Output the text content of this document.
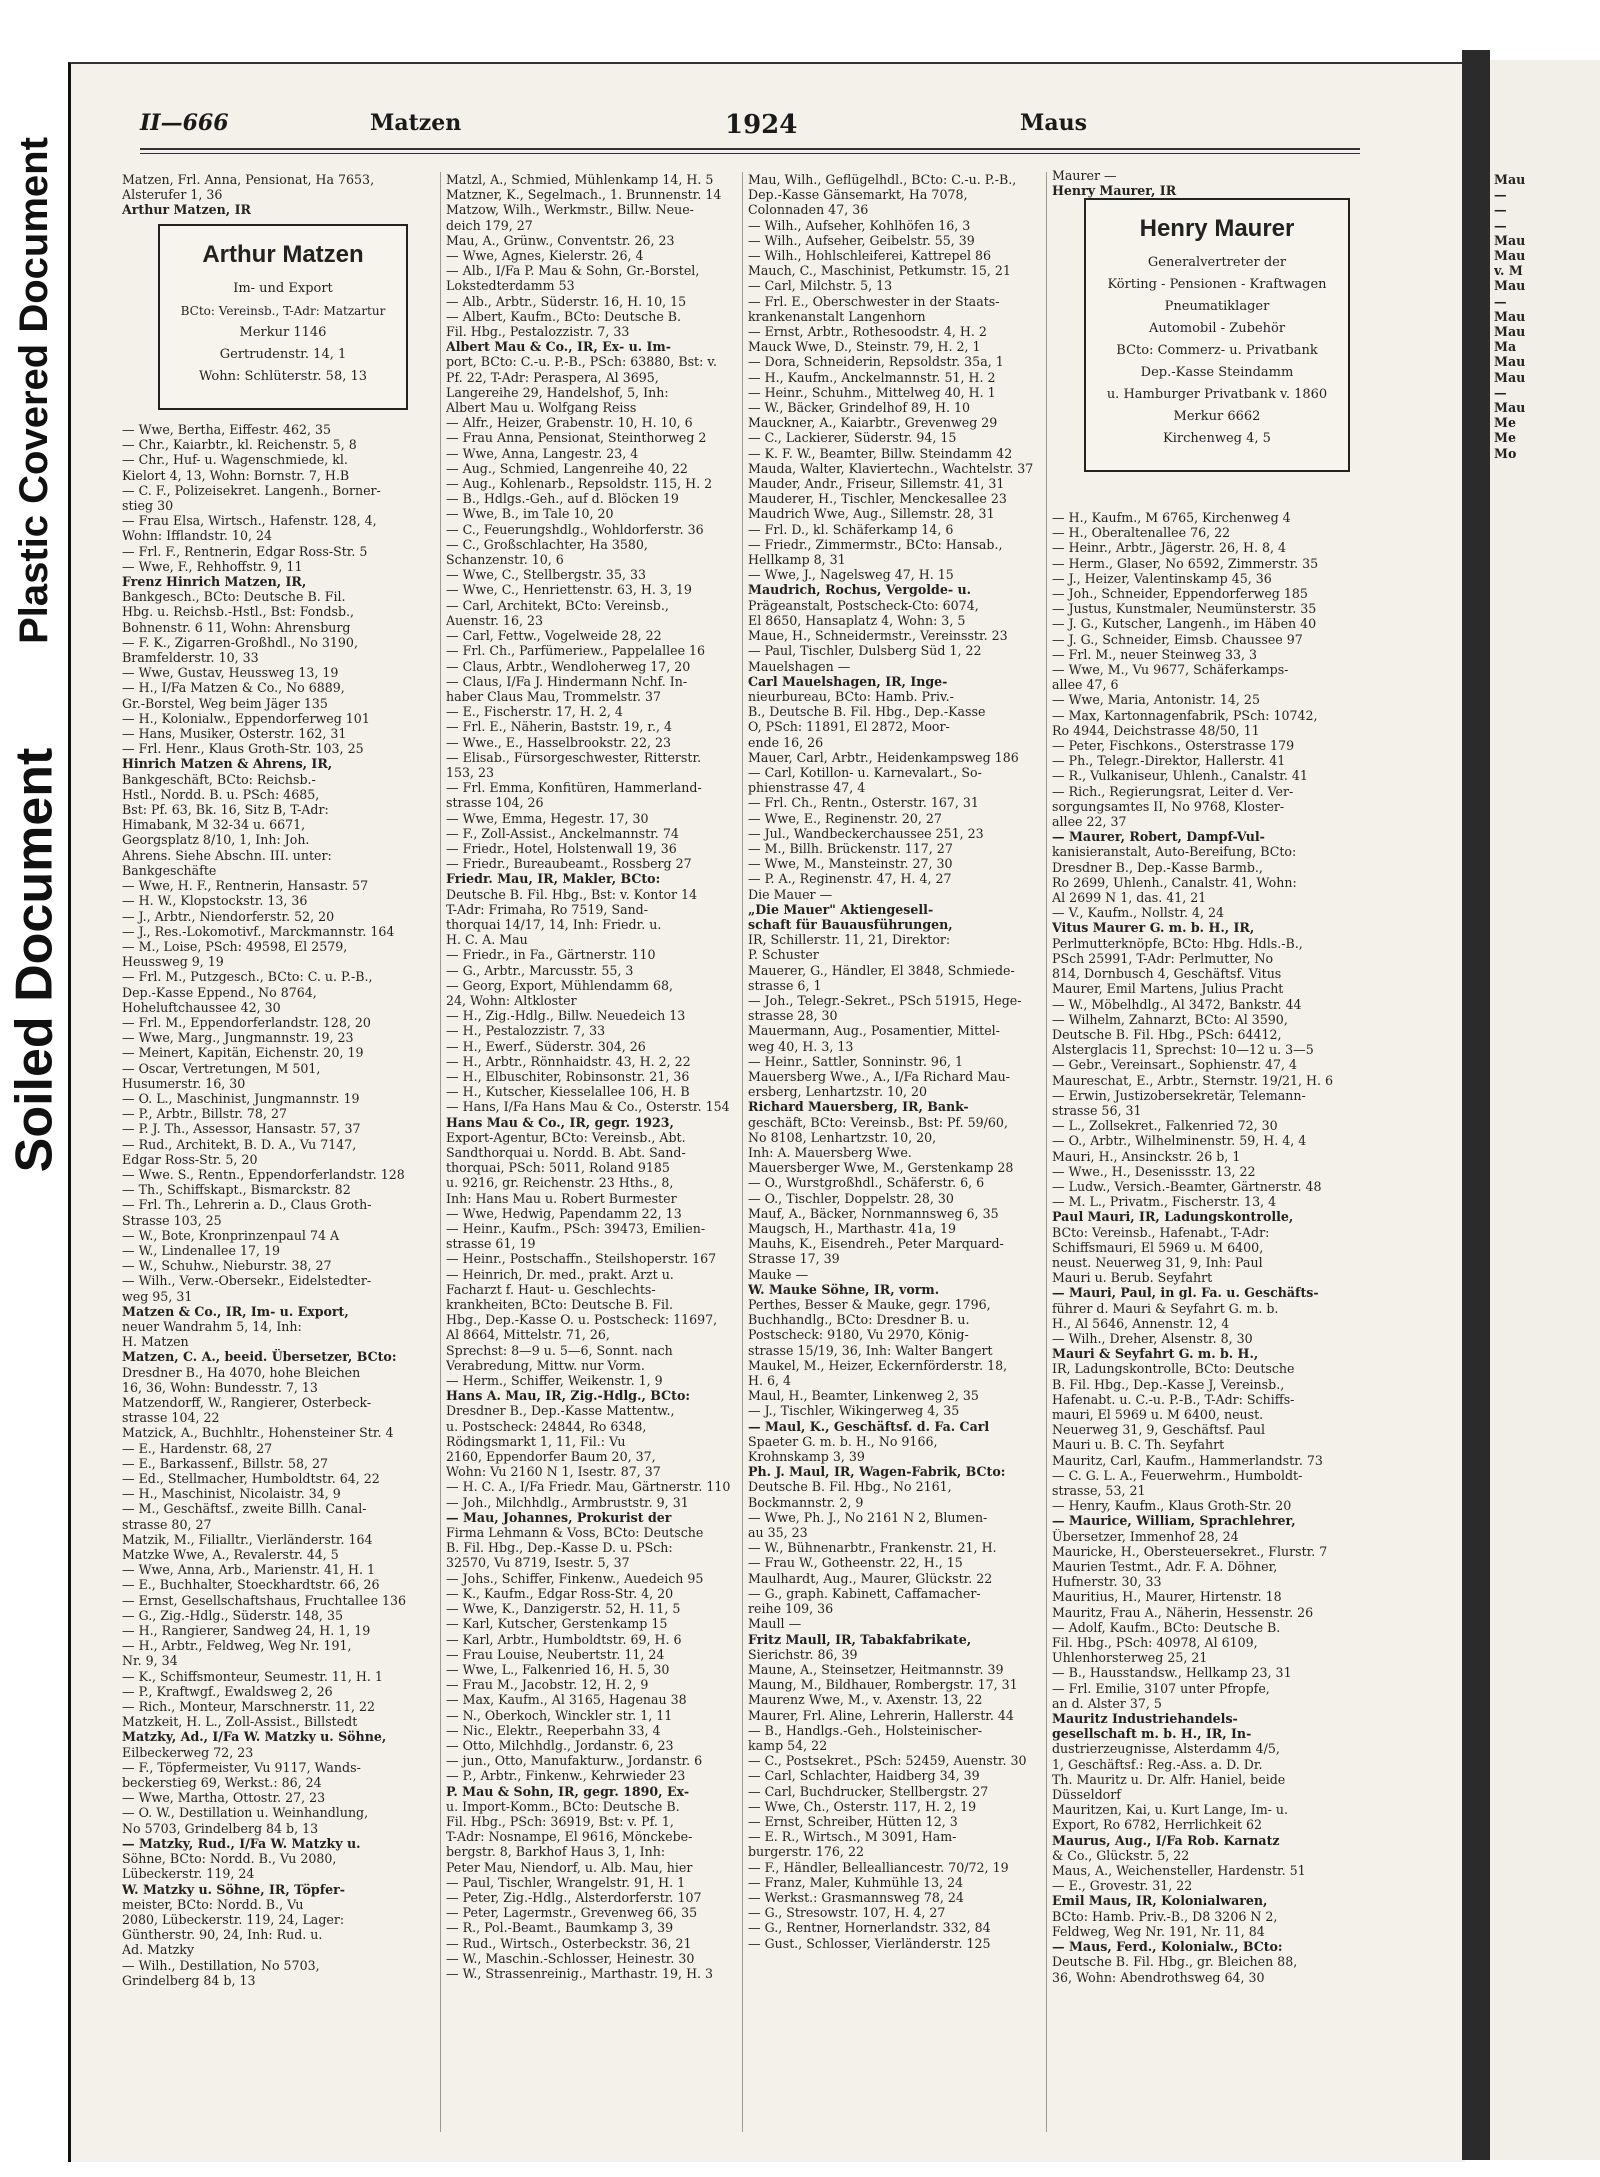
Plastic Covered Document
Soiled Document

Mau

—

—

—

Mau

Mau

v. M

Mau

—

Mau

Mau

Ma

Mau

Mau

—

Mau

Me

Me

Mo

II—666	Matzen	1924	Maus

Matzen, Frl. Anna, Pensionat, Ha 7653,

Alsterufer 1, 36

Arthur Matzen, IR

Arthur Matzen

Im- und Export

BCto: Vereinsb., T-Adr: Matzartur

Merkur 1146

Gertrudenstr. 14, 1

Wohn: Schlüterstr. 58, 13

— Wwe, Bertha, Eiffestr. 462, 35

— Chr., Kaiarbtr., kl. Reichenstr. 5, 8

— Chr., Huf- u. Wagenschmiede, kl.

Kielort 4, 13, Wohn: Bornstr. 7, H.B

— C. F., Polizeisekret. Langenh., Borner-

stieg 30

— Frau Elsa, Wirtsch., Hafenstr. 128, 4,

Wohn: Ifflandstr. 10, 24

— Frl. F., Rentnerin, Edgar Ross-Str. 5

— Wwe, F., Rehhoffstr. 9, 11

Frenz Hinrich Matzen, IR,

Bankgesch., BCto: Deutsche B. Fil.

Hbg. u. Reichsb.-Hstl., Bst: Fondsb.,

Bohnenstr. 6 11, Wohn: Ahrensburg

— F. K., Zigarren-Großhdl., No 3190,

Bramfelderstr. 10, 33

— Wwe, Gustav, Heussweg 13, 19

— H., I/Fa Matzen & Co., No 6889,

Gr.-Borstel, Weg beim Jäger 135

— H., Kolonialw., Eppendorferweg 101

— Hans, Musiker, Osterstr. 162, 31

— Frl. Henr., Klaus Groth-Str. 103, 25

Hinrich Matzen & Ahrens, IR,

Bankgeschäft, BCto: Reichsb.-

Hstl., Nordd. B. u. PSch: 4685,

Bst: Pf. 63, Bk. 16, Sitz B, T-Adr:

Himabank, M 32-34 u. 6671,

Georgsplatz 8/10, 1, Inh: Joh.

Ahrens. Siehe Abschn. III. unter:

Bankgeschäfte

— Wwe, H. F., Rentnerin, Hansastr. 57

— H. W., Klopstockstr. 13, 36

— J., Arbtr., Niendorferstr. 52, 20

— J., Res.-Lokomotivf., Marckmannstr. 164

— M., Loise, PSch: 49598, El 2579,

Heussweg 9, 19

— Frl. M., Putzgesch., BCto: C. u. P.-B.,

Dep.-Kasse Eppend., No 8764,

Hoheluftchaussee 42, 30

— Frl. M., Eppendorferlandstr. 128, 20

— Wwe, Marg., Jungmannstr. 19, 23

— Meinert, Kapitän, Eichenstr. 20, 19

— Oscar, Vertretungen, M 501,

Husumerstr. 16, 30

— O. L., Maschinist, Jungmannstr. 19

— P., Arbtr., Billstr. 78, 27

— P. J. Th., Assessor, Hansastr. 57, 37

— Rud., Architekt, B. D. A., Vu 7147,

Edgar Ross-Str. 5, 20

— Wwe. S., Rentn., Eppendorferlandstr. 128

— Th., Schiffskapt., Bismarckstr. 82

— Frl. Th., Lehrerin a. D., Claus Groth-

Strasse 103, 25

— W., Bote, Kronprinzenpaul 74 A

— W., Lindenallee 17, 19

— W., Schuhw., Nieburstr. 38, 27

— Wilh., Verw.-Obersekr., Eidelstedter-

weg 95, 31

Matzen & Co., IR, Im- u. Export,

neuer Wandrahm 5, 14, Inh:

H. Matzen

Matzen, C. A., beeid. Übersetzer, BCto:

Dresdner B., Ha 4070, hohe Bleichen

16, 36, Wohn: Bundesstr. 7, 13

Matzendorff, W., Rangierer, Osterbeck-

strasse 104, 22

Matzick, A., Buchhltr., Hohensteiner Str. 4

— E., Hardenstr. 68, 27

— E., Barkassenf., Billstr. 58, 27

— Ed., Stellmacher, Humboldtstr. 64, 22

— H., Maschinist, Nicolaistr. 34, 9

— M., Geschäftsf., zweite Billh. Canal-

strasse 80, 27

Matzik, M., Filialltr., Vierländerstr. 164

Matzke Wwe, A., Revalerstr. 44, 5

— Wwe, Anna, Arb., Marienstr. 41, H. 1

— E., Buchhalter, Stoeckhardtstr. 66, 26

— Ernst, Gesellschaftshaus, Fruchtallee 136

— G., Zig.-Hdlg., Süderstr. 148, 35

— H., Rangierer, Sandweg 24, H. 1, 19

— H., Arbtr., Feldweg, Weg Nr. 191,

Nr. 9, 34

— K., Schiffsmonteur, Seumestr. 11, H. 1

— P., Kraftwgf., Ewaldsweg 2, 26

— Rich., Monteur, Marschnerstr. 11, 22

Matzkeit, H. L., Zoll-Assist., Billstedt

Matzky, Ad., I/Fa W. Matzky u. Söhne,

Eilbeckerweg 72, 23

— F., Töpfermeister, Vu 9117, Wands-

beckerstieg 69, Werkst.: 86, 24

— Wwe, Martha, Ottostr. 27, 23

— O. W., Destillation u. Weinhandlung,

No 5703, Grindelberg 84 b, 13

— Matzky, Rud., I/Fa W. Matzky u.

Söhne, BCto: Nordd. B., Vu 2080,

Lübeckerstr. 119, 24

W. Matzky u. Söhne, IR, Töpfer-

meister, BCto: Nordd. B., Vu

2080, Lübeckerstr. 119, 24, Lager:

Güntherstr. 90, 24, Inh: Rud. u.

Ad. Matzky

— Wilh., Destillation, No 5703,

Grindelberg 84 b, 13

Matzl, A., Schmied, Mühlenkamp 14, H. 5

Matzner, K., Segelmach., 1. Brunnenstr. 14

Matzow, Wilh., Werkmstr., Billw. Neue-

deich 179, 27

Mau, A., Grünw., Conventstr. 26, 23

— Wwe, Agnes, Kielerstr. 26, 4

— Alb., I/Fa P. Mau & Sohn, Gr.-Borstel,

Lokstedterdamm 53

— Alb., Arbtr., Süderstr. 16, H. 10, 15

— Albert, Kaufm., BCto: Deutsche B.

Fil. Hbg., Pestalozzistr. 7, 33

Albert Mau & Co., IR, Ex- u. Im-

port, BCto: C.-u. P.-B., PSch: 63880, Bst: v.

Pf. 22, T-Adr: Peraspera, Al 3695,

Langereihe 29, Handelshof, 5, Inh:

Albert Mau u. Wolfgang Reiss

— Alfr., Heizer, Grabenstr. 10, H. 10, 6

— Frau Anna, Pensionat, Steinthorweg 2

— Wwe, Anna, Langestr. 23, 4

— Aug., Schmied, Langenreihe 40, 22

— Aug., Kohlenarb., Repsoldstr. 115, H. 2

— B., Hdlgs.-Geh., auf d. Blöcken 19

— Wwe, B., im Tale 10, 20

— C., Feuerungshdlg., Wohldorferstr. 36

— C., Großschlachter, Ha 3580,

Schanzenstr. 10, 6

— Wwe, C., Stellbergstr. 35, 33

— Wwe, C., Henriettenstr. 63, H. 3, 19

— Carl, Architekt, BCto: Vereinsb.,

Auenstr. 16, 23

— Carl, Fettw., Vogelweide 28, 22

— Frl. Ch., Parfümeriew., Pappelallee 16

— Claus, Arbtr., Wendloherweg 17, 20

— Claus, I/Fa J. Hindermann Nchf. In-

haber Claus Mau, Trommelstr. 37

— E., Fischerstr. 17, H. 2, 4

— Frl. E., Näherin, Baststr. 19, r., 4

— Wwe., E., Hasselbrookstr. 22, 23

— Elisab., Fürsorgeschwester, Ritterstr.

153, 23

— Frl. Emma, Konfitüren, Hammerland-

strasse 104, 26

— Wwe, Emma, Hegestr. 17, 30

— F., Zoll-Assist., Anckelmannstr. 74

— Friedr., Hotel, Holstenwall 19, 36

— Friedr., Bureaubeamt., Rossberg 27

Friedr. Mau, IR, Makler, BCto:

Deutsche B. Fil. Hbg., Bst: v. Kontor 14

T-Adr: Frimaha, Ro 7519, Sand-

thorquai 14/17, 14, Inh: Friedr. u.

H. C. A. Mau

— Friedr., in Fa., Gärtnerstr. 110

— G., Arbtr., Marcusstr. 55, 3

— Georg, Export, Mühlendamm 68,

24, Wohn: Altkloster

— H., Zig.-Hdlg., Billw. Neuedeich 13

— H., Pestalozzistr. 7, 33

— H., Ewerf., Süderstr. 304, 26

— H., Arbtr., Rönnhaidstr. 43, H. 2, 22

— H., Elbuschiter, Robinsonstr. 21, 36

— H., Kutscher, Kiesselallee 106, H. B

— Hans, I/Fa Hans Mau & Co., Osterstr. 154

Hans Mau & Co., IR, gegr. 1923,

Export-Agentur, BCto: Vereinsb., Abt.

Sandthorquai u. Nordd. B. Abt. Sand-

thorquai, PSch: 5011, Roland 9185

u. 9216, gr. Reichenstr. 23 Hths., 8,

Inh: Hans Mau u. Robert Burmester

— Wwe, Hedwig, Papendamm 22, 13

— Heinr., Kaufm., PSch: 39473, Emilien-

strasse 61, 19

— Heinr., Postschaffn., Steilshoperstr. 167

— Heinrich, Dr. med., prakt. Arzt u.

Facharzt f. Haut- u. Geschlechts-

krankheiten, BCto: Deutsche B. Fil.

Hbg., Dep.-Kasse O. u. Postscheck: 11697,

Al 8664, Mittelstr. 71, 26,

Sprechst: 8—9 u. 5—6, Sonnt. nach

Verabredung, Mittw. nur Vorm.

— Herm., Schiffer, Weikenstr. 1, 9

Hans A. Mau, IR, Zig.-Hdlg., BCto:

Dresdner B., Dep.-Kasse Mattentw.,

u. Postscheck: 24844, Ro 6348,

Rödingsmarkt 1, 11, Fil.: Vu

2160, Eppendorfer Baum 20, 37,

Wohn: Vu 2160 N 1, Isestr. 87, 37

— H. C. A., I/Fa Friedr. Mau, Gärtnerstr. 110

— Joh., Milchhdlg., Armbruststr. 9, 31

— Mau, Johannes, Prokurist der

Firma Lehmann & Voss, BCto: Deutsche

B. Fil. Hbg., Dep.-Kasse D. u. PSch:

32570, Vu 8719, Isestr. 5, 37

— Johs., Schiffer, Finkenw., Auedeich 95

— K., Kaufm., Edgar Ross-Str. 4, 20

— Wwe, K., Danzigerstr. 52, H. 11, 5

— Karl, Kutscher, Gerstenkamp 15

— Karl, Arbtr., Humboldtstr. 69, H. 6

— Frau Louise, Neubertstr. 11, 24

— Wwe, L., Falkenried 16, H. 5, 30

— Frau M., Jacobstr. 12, H. 2, 9

— Max, Kaufm., Al 3165, Hagenau 38

— N., Oberkoch, Winckler str. 1, 11

— Nic., Elektr., Reeperbahn 33, 4

— Otto, Milchhdlg., Jordanstr. 6, 23

— jun., Otto, Manufakturw., Jordanstr. 6

— P., Arbtr., Finkenw., Kehrwieder 23

P. Mau & Sohn, IR, gegr. 1890, Ex-

u. Import-Komm., BCto: Deutsche B.

Fil. Hbg., PSch: 36919, Bst: v. Pf. 1,

T-Adr: Nosnampe, El 9616, Mönckebe-

bergstr. 8, Barkhof Haus 3, 1, Inh:

Peter Mau, Niendorf, u. Alb. Mau, hier

— Paul, Tischler, Wrangelstr. 91, H. 1

— Peter, Zig.-Hdlg., Alsterdorferstr. 107

— Peter, Lagermstr., Grevenweg 66, 35

— R., Pol.-Beamt., Baumkamp 3, 39

— Rud., Wirtsch., Osterbeckstr. 36, 21

— W., Maschin.-Schlosser, Heinestr. 30

— W., Strassenreinig., Marthastr. 19, H. 3

Mau, Wilh., Geflügelhdl., BCto: C.-u. P.-B.,

Dep.-Kasse Gänsemarkt, Ha 7078,

Colonnaden 47, 36

— Wilh., Aufseher, Kohlhöfen 16, 3

— Wilh., Aufseher, Geibelstr. 55, 39

— Wilh., Hohlschleiferei, Kattrepel 86

Mauch, C., Maschinist, Petkumstr. 15, 21

— Carl, Milchstr. 5, 13

— Frl. E., Oberschwester in der Staats-

krankenanstalt Langenhorn

— Ernst, Arbtr., Rothesoodstr. 4, H. 2

Mauck Wwe, D., Steinstr. 79, H. 2, 1

— Dora, Schneiderin, Repsoldstr. 35a, 1

— H., Kaufm., Anckelmannstr. 51, H. 2

— Heinr., Schuhm., Mittelweg 40, H. 1

— W., Bäcker, Grindelhof 89, H. 10

Mauckner, A., Kaiarbtr., Grevenweg 29

— C., Lackierer, Süderstr. 94, 15

— K. F. W., Beamter, Billw. Steindamm 42

Mauda, Walter, Klaviertechn., Wachtelstr. 37

Mauder, Andr., Friseur, Sillemstr. 41, 31

Mauderer, H., Tischler, Menckesallee 23

Maudrich Wwe, Aug., Sillemstr. 28, 31

— Frl. D., kl. Schäferkamp 14, 6

— Friedr., Zimmermstr., BCto: Hansab.,

Hellkamp 8, 31

— Wwe, J., Nagelsweg 47, H. 15

Maudrich, Rochus, Vergolde- u.

Prägeanstalt, Postscheck-Cto: 6074,

El 8650, Hansaplatz 4, Wohn: 3, 5

Maue, H., Schneidermstr., Vereinsstr. 23

— Paul, Tischler, Dulsberg Süd 1, 22

Mauelshagen —

Carl Mauelshagen, IR, Inge-

nieurbureau, BCto: Hamb. Priv.-

B., Deutsche B. Fil. Hbg., Dep.-Kasse

O, PSch: 11891, El 2872, Moor-

ende 16, 26

Mauer, Carl, Arbtr., Heidenkampsweg 186

— Carl, Kotillon- u. Karnevalart., So-

phienstrasse 47, 4

— Frl. Ch., Rentn., Osterstr. 167, 31

— Wwe, E., Reginenstr. 20, 27

— Jul., Wandbeckerchaussee 251, 23

— M., Billh. Brückenstr. 117, 27

— Wwe, M., Mansteinstr. 27, 30

— P. A., Reginenstr. 47, H. 4, 27

Die Mauer —

„Die Mauer" Aktiengesell-

schaft für Bauausführungen,

IR, Schillerstr. 11, 21, Direktor:

P. Schuster

Mauerer, G., Händler, El 3848, Schmiede-

strasse 6, 1

— Joh., Telegr.-Sekret., PSch 51915, Hege-

strasse 28, 30

Mauermann, Aug., Posamentier, Mittel-

weg 40, H. 3, 13

— Heinr., Sattler, Sonninstr. 96, 1

Mauersberg Wwe., A., I/Fa Richard Mau-

ersberg, Lenhartzstr. 10, 20

Richard Mauersberg, IR, Bank-

geschäft, BCto: Vereinsb., Bst: Pf. 59/60,

No 8108, Lenhartzstr. 10, 20,

Inh: A. Mauersberg Wwe.

Mauersberger Wwe, M., Gerstenkamp 28

— O., Wurstgroßhdl., Schäferstr. 6, 6

— O., Tischler, Doppelstr. 28, 30

Mauf, A., Bäcker, Nornmannsweg 6, 35

Maugsch, H., Marthastr. 41a, 19

Mauhs, K., Eisendreh., Peter Marquard-

Strasse 17, 39

Mauke —

W. Mauke Söhne, IR, vorm.

Perthes, Besser & Mauke, gegr. 1796,

Buchhandlg., BCto: Dresdner B. u.

Postscheck: 9180, Vu 2970, König-

strasse 15/19, 36, Inh: Walter Bangert

Maukel, M., Heizer, Eckernförderstr. 18,

H. 6, 4

Maul, H., Beamter, Linkenweg 2, 35

— J., Tischler, Wikingerweg 4, 35

— Maul, K., Geschäftsf. d. Fa. Carl

Spaeter G. m. b. H., No 9166,

Krohnskamp 3, 39

Ph. J. Maul, IR, Wagen-Fabrik, BCto:

Deutsche B. Fil. Hbg., No 2161,

Bockmannstr. 2, 9

— Wwe, Ph. J., No 2161 N 2, Blumen-

au 35, 23

— W., Bühnenarbtr., Frankenstr. 21, H.

— Frau W., Gotheenstr. 22, H., 15

Maulhardt, Aug., Maurer, Glückstr. 22

— G., graph. Kabinett, Caffamacher-

reihe 109, 36

Maull —

Fritz Maull, IR, Tabakfabrikate,

Sierichstr. 86, 39

Maune, A., Steinsetzer, Heitmannstr. 39

Maung, M., Bildhauer, Rombergstr. 17, 31

Maurenz Wwe, M., v. Axenstr. 13, 22

Maurer, Frl. Aline, Lehrerin, Hallerstr. 44

— B., Handlgs.-Geh., Holsteinischer-

kamp 54, 22

— C., Postsekret., PSch: 52459, Auenstr. 30

— Carl, Schlachter, Haidberg 34, 39

— Carl, Buchdrucker, Stellbergstr. 27

— Wwe, Ch., Osterstr. 117, H. 2, 19

— Ernst, Schreiber, Hütten 12, 3

— E. R., Wirtsch., M 3091, Ham-

burgerstr. 176, 22

— F., Händler, Bellealliancestr. 70/72, 19

— Franz, Maler, Kuhmühle 13, 24

— Werkst.: Grasmannsweg 78, 24

— G., Stresowstr. 107, H. 4, 27

— G., Rentner, Hornerlandstr. 332, 84

— Gust., Schlosser, Vierländerstr. 125

Maurer —

Henry Maurer, IR

Henry Maurer

Generalvertreter der

Körting - Pensionen - Kraftwagen

Pneumatiklager

Automobil - Zubehör

BCto: Commerz- u. Privatbank

Dep.-Kasse Steindamm

u. Hamburger Privatbank v. 1860

Merkur 6662

Kirchenweg 4, 5

— H., Kaufm., M 6765, Kirchenweg 4

— H., Oberaltenallee 76, 22

— Heinr., Arbtr., Jägerstr. 26, H. 8, 4

— Herm., Glaser, No 6592, Zimmerstr. 35

— J., Heizer, Valentinskamp 45, 36

— Joh., Schneider, Eppendorferweg 185

— Justus, Kunstmaler, Neumünsterstr. 35

— J. G., Kutscher, Langenh., im Häben 40

— J. G., Schneider, Eimsb. Chaussee 97

— Frl. M., neuer Steinweg 33, 3

— Wwe, M., Vu 9677, Schäferkamps-

allee 47, 6

— Wwe, Maria, Antonistr. 14, 25

— Max, Kartonnagenfabrik, PSch: 10742,

Ro 4944, Deichstrasse 48/50, 11

— Peter, Fischkons., Osterstrasse 179

— Ph., Telegr.-Direktor, Hallerstr. 41

— R., Vulkaniseur, Uhlenh., Canalstr. 41

— Rich., Regierungsrat, Leiter d. Ver-

sorgungsamtes II, No 9768, Kloster-

allee 22, 37

— Maurer, Robert, Dampf-Vul-

kanisieranstalt, Auto-Bereifung, BCto:

Dresdner B., Dep.-Kasse Barmb.,

Ro 2699, Uhlenh., Canalstr. 41, Wohn:

Al 2699 N 1, das. 41, 21

— V., Kaufm., Nollstr. 4, 24

Vitus Maurer G. m. b. H., IR,

Perlmutterknöpfe, BCto: Hbg. Hdls.-B.,

PSch 25991, T-Adr: Perlmutter, No

814, Dornbusch 4, Geschäftsf. Vitus

Maurer, Emil Martens, Julius Pracht

— W., Möbelhdlg., Al 3472, Bankstr. 44

— Wilhelm, Zahnarzt, BCto: Al 3590,

Deutsche B. Fil. Hbg., PSch: 64412,

Alsterglacis 11, Sprechst: 10—12 u. 3—5

— Gebr., Vereinsart., Sophienstr. 47, 4

Maureschat, E., Arbtr., Sternstr. 19/21, H. 6

— Erwin, Justizobersekretär, Telemann-

strasse 56, 31

— L., Zollsekret., Falkenried 72, 30

— O., Arbtr., Wilhelminenstr. 59, H. 4, 4

Mauri, H., Ansinckstr. 26 b, 1

— Wwe., H., Desenissstr. 13, 22

— Ludw., Versich.-Beamter, Gärtnerstr. 48

— M. L., Privatm., Fischerstr. 13, 4

Paul Mauri, IR, Ladungskontrolle,

BCto: Vereinsb., Hafenabt., T-Adr:

Schiffsmauri, El 5969 u. M 6400,

neust. Neuerweg 31, 9, Inh: Paul

Mauri u. Berub. Seyfahrt

— Mauri, Paul, in gl. Fa. u. Geschäfts-

führer d. Mauri & Seyfahrt G. m. b.

H., Al 5646, Annenstr. 12, 4

— Wilh., Dreher, Alsenstr. 8, 30

Mauri & Seyfahrt G. m. b. H.,

IR, Ladungskontrolle, BCto: Deutsche

B. Fil. Hbg., Dep.-Kasse J, Vereinsb.,

Hafenabt. u. C.-u. P.-B., T-Adr: Schiffs-

mauri, El 5969 u. M 6400, neust.

Neuerweg 31, 9, Geschäftsf. Paul

Mauri u. B. C. Th. Seyfahrt

Mauritz, Carl, Kaufm., Hammerlandstr. 73

— C. G. L. A., Feuerwehrm., Humboldt-

strasse, 53, 21

— Henry, Kaufm., Klaus Groth-Str. 20

— Maurice, William, Sprachlehrer,

Übersetzer, Immenhof 28, 24

Mauricke, H., Obersteuersekret., Flurstr. 7

Maurien Testmt., Adr. F. A. Döhner,

Hufnerstr. 30, 33

Mauritius, H., Maurer, Hirtenstr. 18

Mauritz, Frau A., Näherin, Hessenstr. 26

— Adolf, Kaufm., BCto: Deutsche B.

Fil. Hbg., PSch: 40978, Al 6109,

Uhlenhorsterweg 25, 21

— B., Hausstandsw., Hellkamp 23, 31

— Frl. Emilie, 3107 unter Pfropfe,

an d. Alster 37, 5

Mauritz Industriehandels-

gesellschaft m. b. H., IR, In-

dustrierzeugnisse, Alsterdamm 4/5,

1, Geschäftsf.: Reg.-Ass. a. D. Dr.

Th. Mauritz u. Dr. Alfr. Haniel, beide

Düsseldorf

Mauritzen, Kai, u. Kurt Lange, Im- u.

Export, Ro 6782, Herrlichkeit 62

Maurus, Aug., I/Fa Rob. Karnatz

& Co., Glückstr. 5, 22

Maus, A., Weichensteller, Hardenstr. 51

— E., Grovestr. 31, 22

Emil Maus, IR, Kolonialwaren,

BCto: Hamb. Priv.-B., D8 3206 N 2,

Feldweg, Weg Nr. 191, Nr. 11, 84

— Maus, Ferd., Kolonialw., BCto:

Deutsche B. Fil. Hbg., gr. Bleichen 88,

36, Wohn: Abendrothsweg 64, 30
